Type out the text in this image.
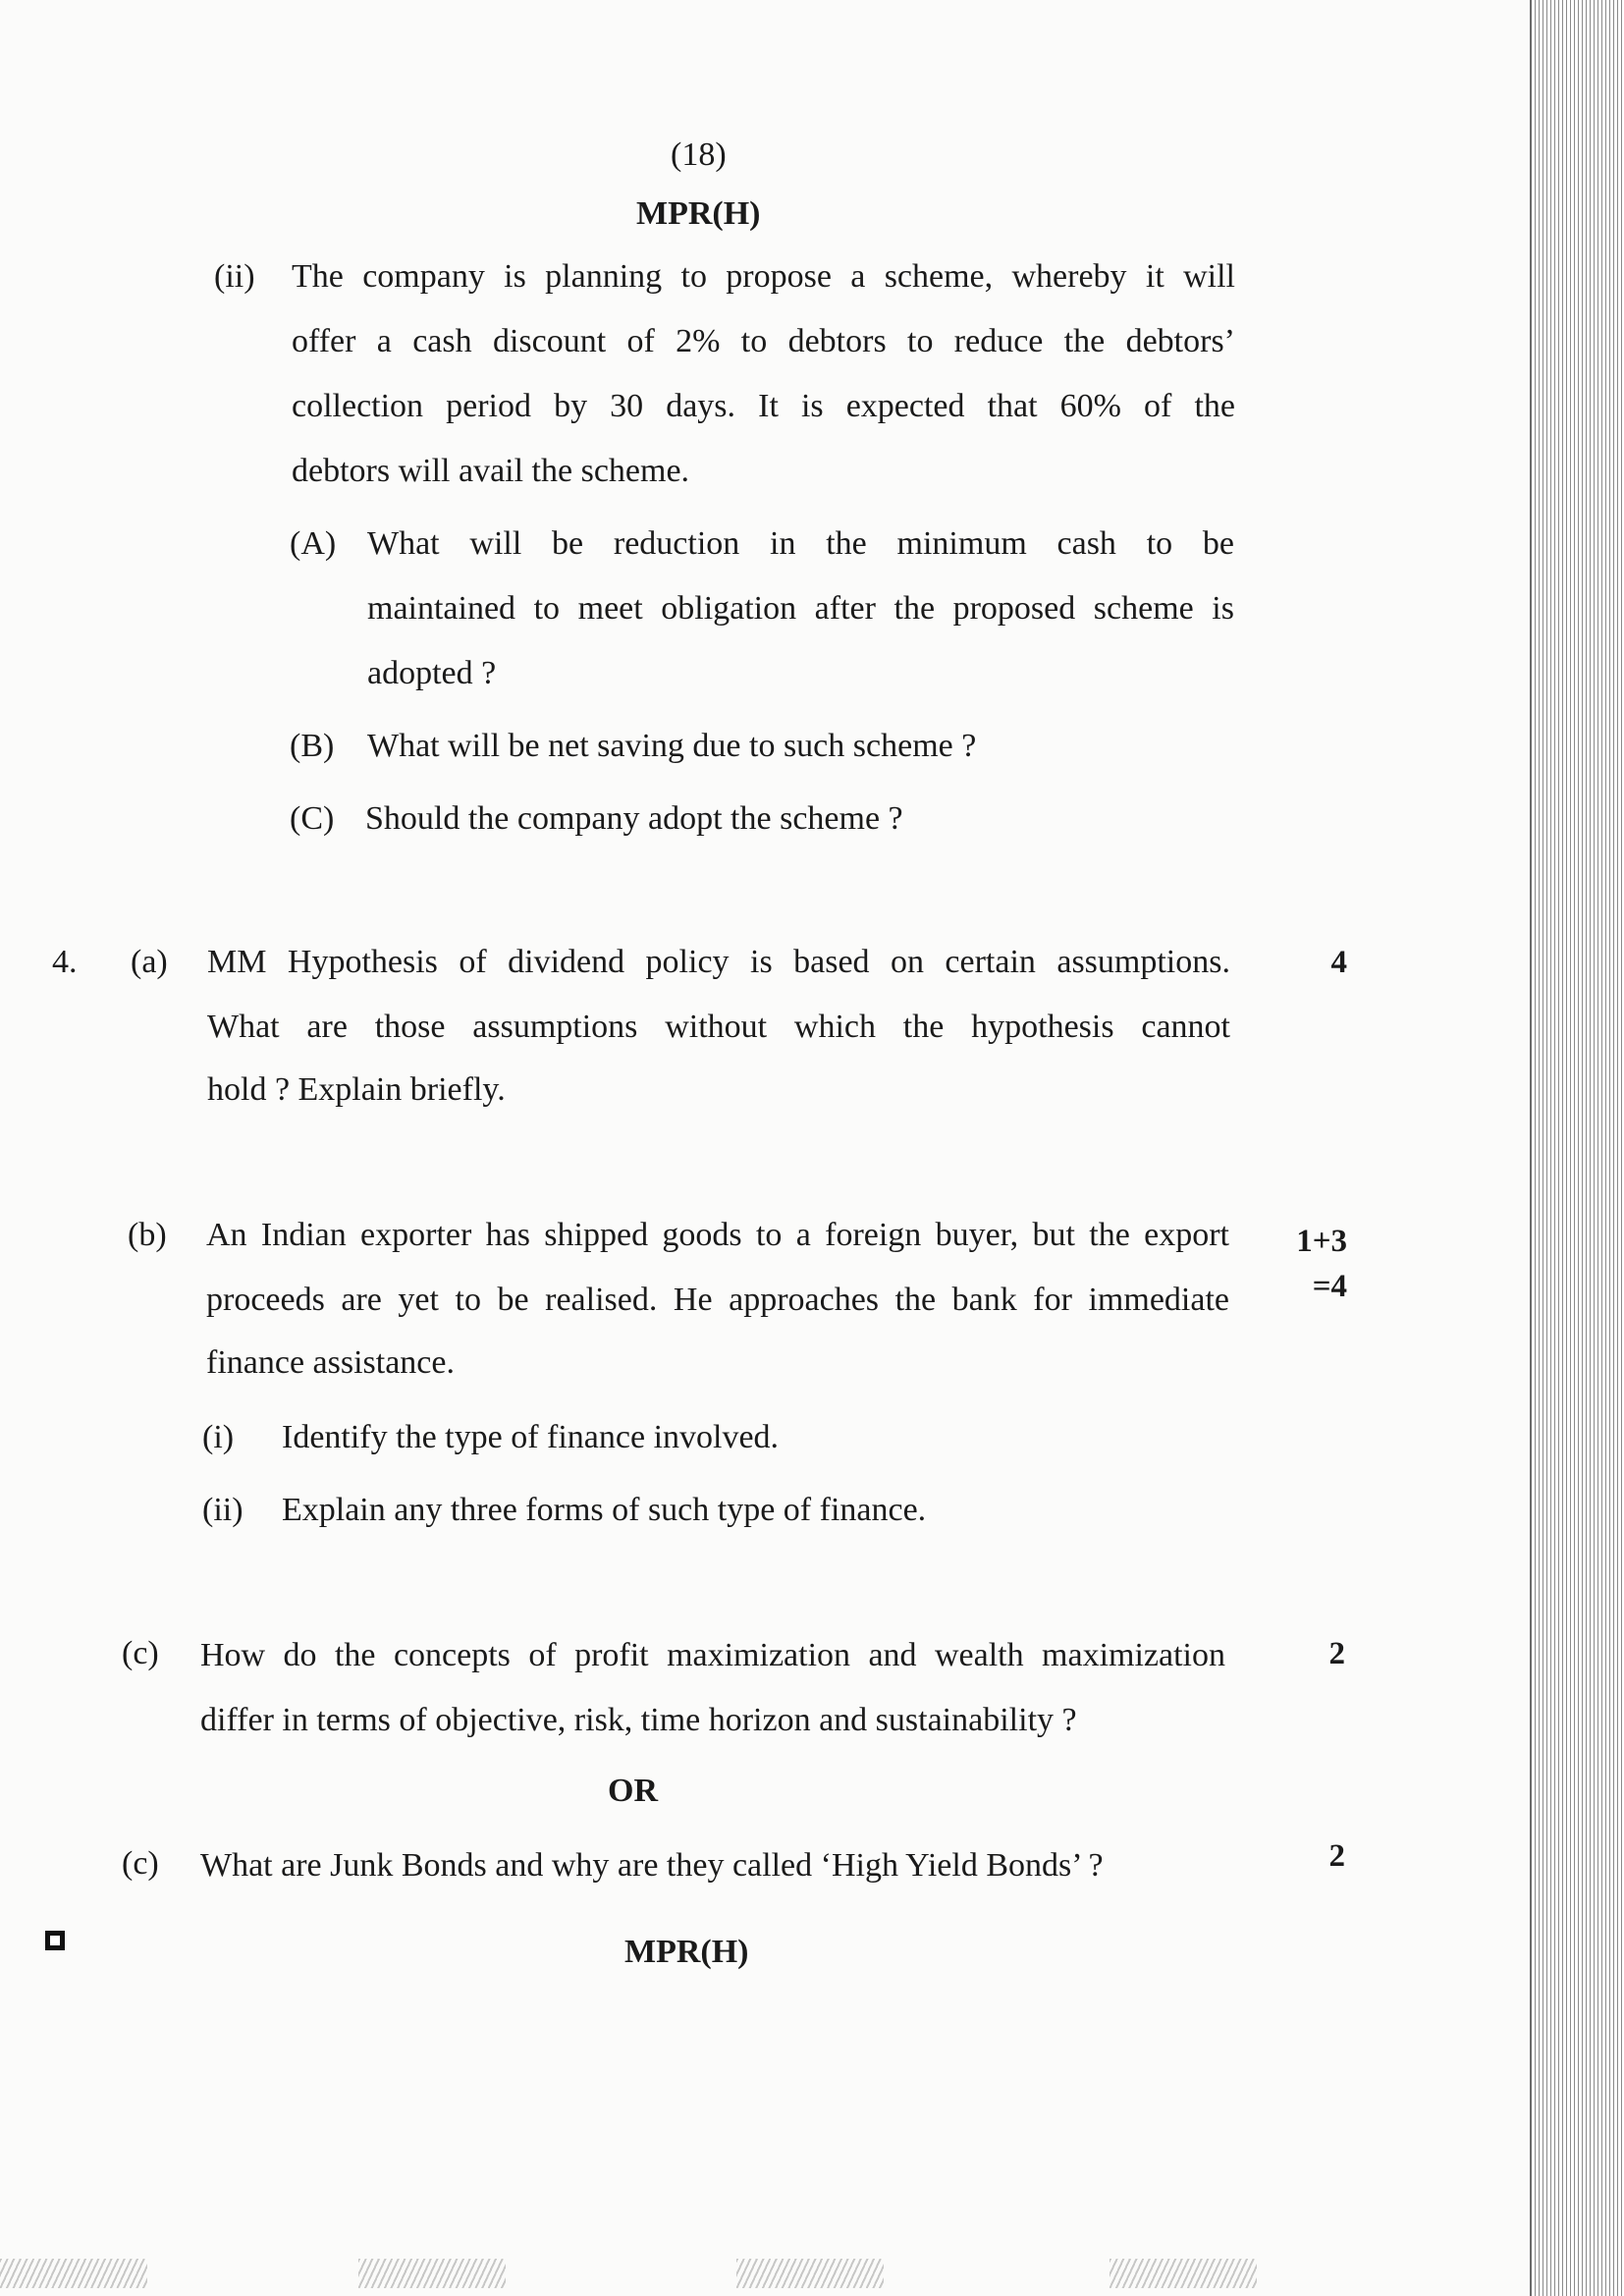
(18)
MPR(H)
(ii) The company is planning to propose a scheme, whereby it will
offer a cash discount of 2% to debtors to reduce the debtors’
collection period by 30 days. It is expected that 60% of the
debtors will avail the scheme.
(A) What will be reduction in the minimum cash to be
maintained to meet obligation after the proposed scheme is
adopted ?
(B) What will be net saving due to such scheme ?
(C) Should the company adopt the scheme ?
4. (a) MM Hypothesis of dividend policy is based on certain assumptions.
What are those assumptions without which the hypothesis cannot
hold ? Explain briefly.
4
(b) An Indian exporter has shipped goods to a foreign buyer, but the export
proceeds are yet to be realised. He approaches the bank for immediate
finance assistance.
1+3
=4
(i) Identify the type of finance involved.
(ii) Explain any three forms of such type of finance.
(c) How do the concepts of profit maximization and wealth maximization
differ in terms of objective, risk, time horizon and sustainability ?
2
OR
(c) What are Junk Bonds and why are they called ‘High Yield Bonds’ ?	2
MPR(H)
